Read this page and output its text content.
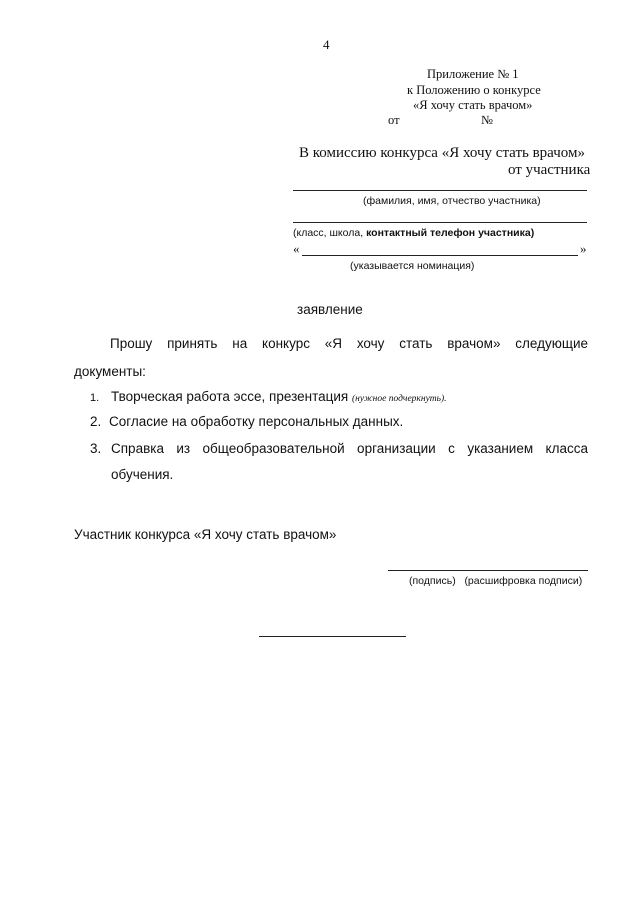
4
Приложение № 1
к Положению о конкурсе
«Я хочу стать врачом»
от	№
В комиссию конкурса «Я хочу стать врачом»
от участника
(фамилия, имя, отчество участника)
(класс, школа, контактный телефон участника)
«	»
(указывается номинация)
заявление
Прошу принять на конкурс «Я хочу стать врачом» следующие
документы:
1. Творческая работа эссе, презентация (нужное подчеркнуть).
2. Согласие на обработку персональных данных.
3. Справка из общеобразовательной организации с указанием класса
обучения.
Участник конкурса «Я хочу стать врачом»
(подпись)   (расшифровка подписи)
